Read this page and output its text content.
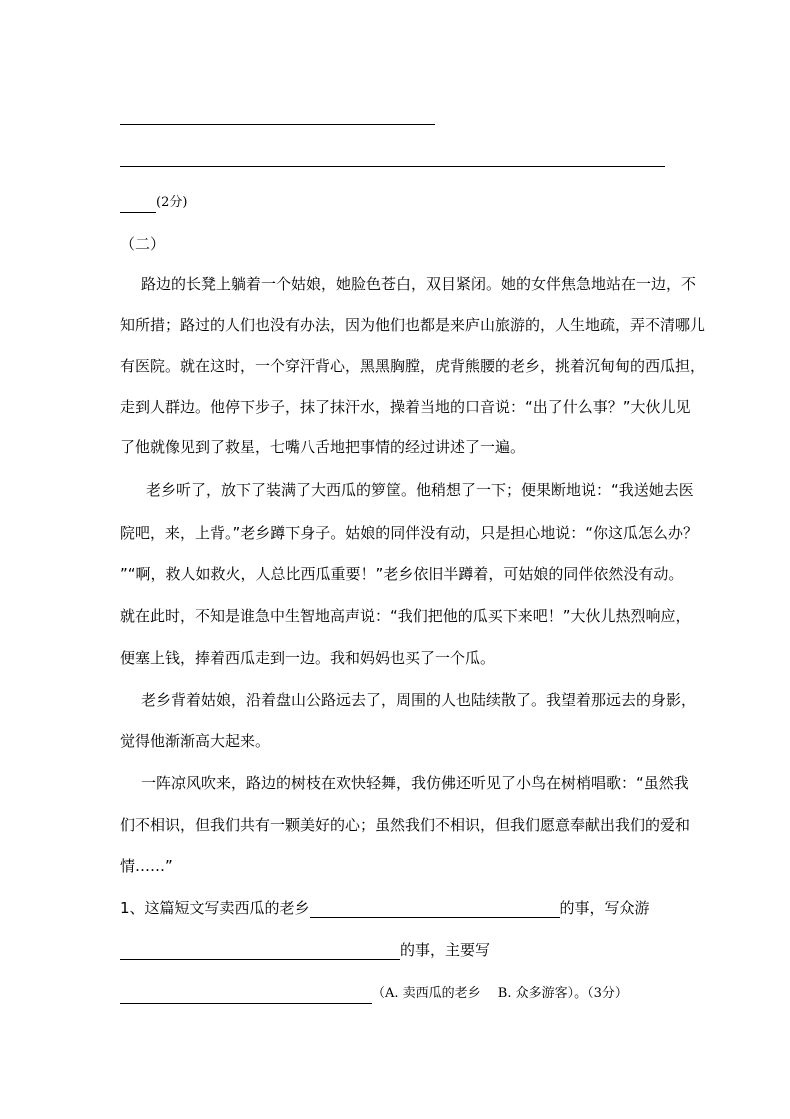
(2分)
（二）
路边的长凳上躺着一个姑娘，她脸色苍白，双目紧闭。她的女伴焦急地站在一边，不
知所措；路过的人们也没有办法，因为他们也都是来庐山旅游的，人生地疏，弄不清哪儿
有医院。就在这时，一个穿汗背心，黑黑胸膛，虎背熊腰的老乡，挑着沉甸甸的西瓜担，
走到人群边。他停下步子，抹了抹汗水，操着当地的口音说：“出了什么事？”大伙儿见
了他就像见到了救星，七嘴八舌地把事情的经过讲述了一遍。
老乡听了，放下了装满了大西瓜的箩筐。他稍想了一下；便果断地说：“我送她去医
院吧，来，上背。”老乡蹲下身子。姑娘的同伴没有动，只是担心地说：“你这瓜怎么办？
”“啊，救人如救火，人总比西瓜重要！”老乡依旧半蹲着，可姑娘的同伴依然没有动。
就在此时，不知是谁急中生智地高声说：“我们把他的瓜买下来吧！”大伙儿热烈响应，
便塞上钱，捧着西瓜走到一边。我和妈妈也买了一个瓜。
老乡背着姑娘，沿着盘山公路远去了，周围的人也陆续散了。我望着那远去的身影，
觉得他渐渐高大起来。
一阵凉风吹来，路边的树枝在欢快轻舞，我仿佛还听见了小鸟在树梢唱歌：“虽然我
们不相识，但我们共有一颗美好的心；虽然我们不相识，但我们愿意奉献出我们的爱和
情……”
1、这篇短文写卖西瓜的老乡	的事，写众游
的事，主要写
（A. 卖西瓜的老乡　 B. 众多游客）。（3分）
